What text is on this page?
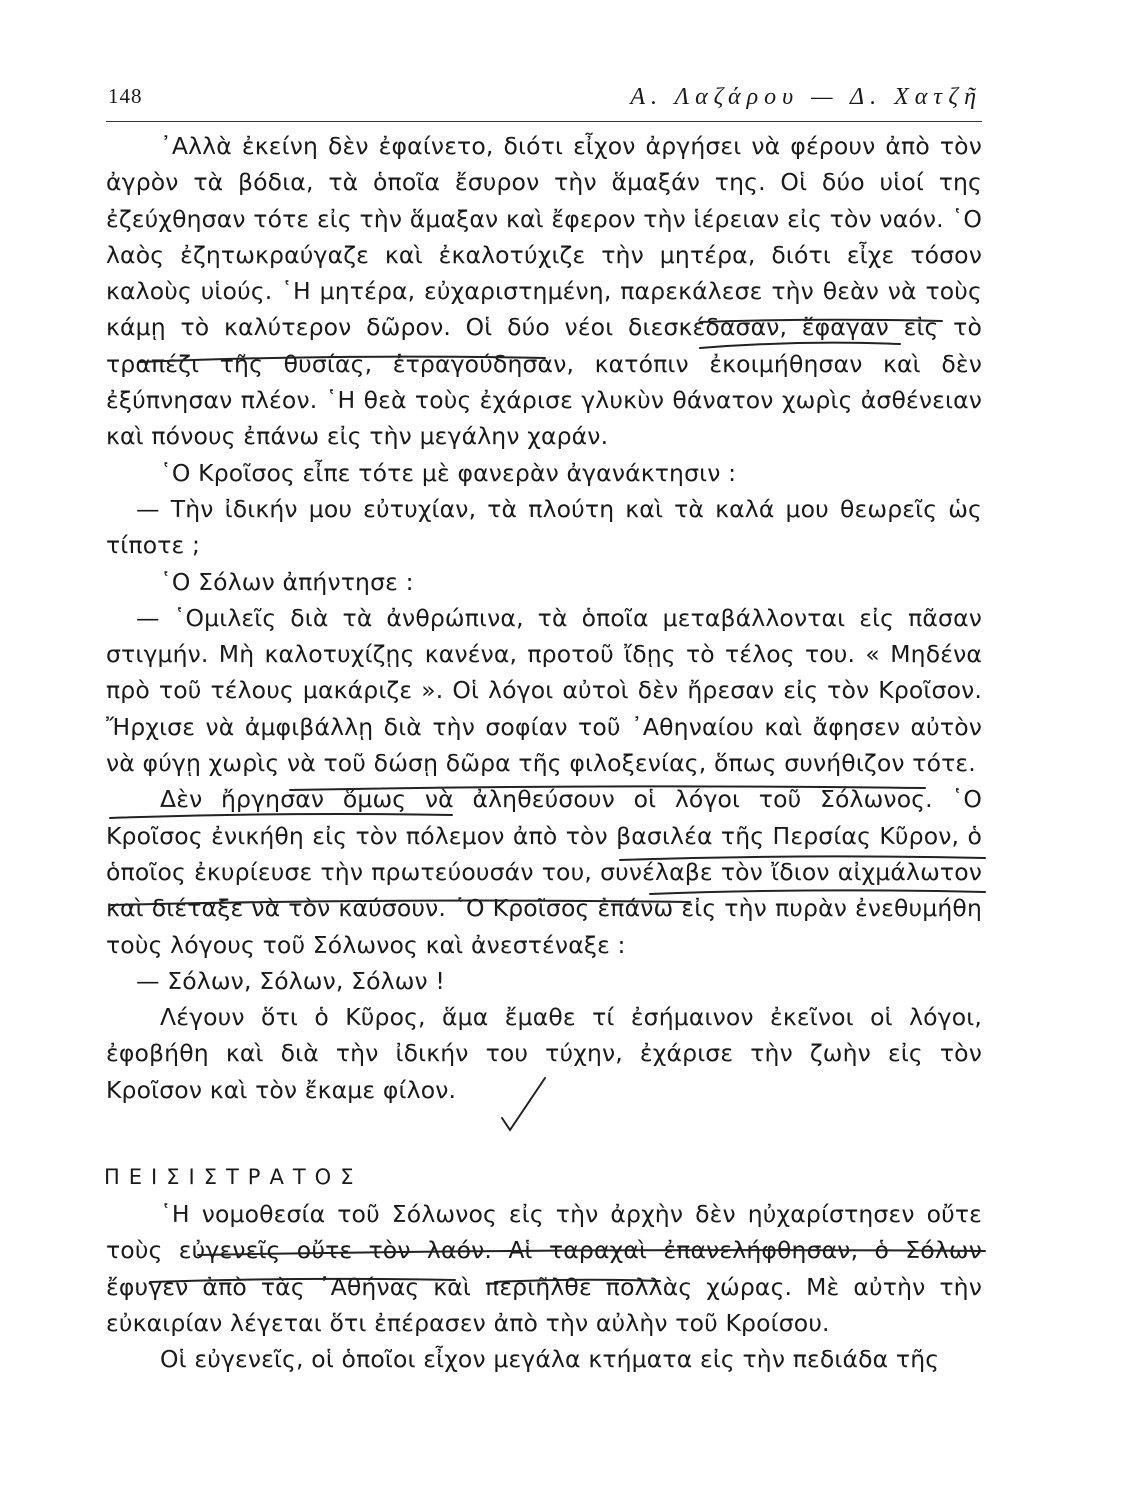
148	Α. Λαζάρου — Δ. Χατζῆ

᾿Αλλὰ ἐκείνη δὲν ἐφαίνετο, διότι εἶχον ἀργήσει νὰ φέρουν ἀπὸ τὸν ἀγρὸν τὰ βόδια, τὰ ὁποῖα ἔσυρον τὴν ἅμαξάν της. Οἱ δύο υἱοί της ἐζεύχθησαν τότε εἰς τὴν ἅμαξαν καὶ ἔφερον τὴν ἱέρειαν εἰς τὸν ναόν. ῾Ο λαὸς ἐζητωκραύγαζε καὶ ἐκαλοτύχιζε τὴν μητέρα, διότι εἶχε τόσον καλοὺς υἱούς. ῾Η μητέρα, εὐχαριστημένη, παρεκάλεσε τὴν θεὰν νὰ τοὺς κάμῃ τὸ καλύτερον δῶρον. Οἱ δύο νέοι διεσκέδασαν, ἔφαγαν εἰς τὸ τραπέζι τῆς θυσίας, ἐτραγούδησαν, κατόπιν ἐκοιμήθησαν καὶ δὲν ἐξύπνησαν πλέον. ῾Η θεὰ τοὺς ἐχάρισε γλυκὺν θάνατον χωρὶς ἀσθένειαν καὶ πόνους ἐπάνω εἰς τὴν μεγάλην χαράν.

῾Ο Κροῖσος εἶπε τότε μὲ φανερὰν ἀγανάκτησιν :

— Τὴν ἰδικήν μου εὐτυχίαν, τὰ πλούτη καὶ τὰ καλά μου θεωρεῖς ὡς τίποτε ;

῾Ο Σόλων ἀπήντησε :

— ῾Ομιλεῖς διὰ τὰ ἀνθρώπινα, τὰ ὁποῖα μεταβάλλονται εἰς πᾶσαν στιγμήν. Μὴ καλοτυχίζῃς κανένα, προτοῦ ἴδῃς τὸ τέλος του. « Μηδένα πρὸ τοῦ τέλους μακάριζε ». Οἱ λόγοι αὐτοὶ δὲν ἤρεσαν εἰς τὸν Κροῖσον. Ἤρχισε νὰ ἀμφιβάλλῃ διὰ τὴν σοφίαν τοῦ ᾿Αθηναίου καὶ ἄφησεν αὐτὸν νὰ φύγῃ χωρὶς νὰ τοῦ δώσῃ δῶρα τῆς φιλοξενίας, ὅπως συνήθιζον τότε.

Δὲν ἤργησαν ὅμως νὰ ἀληθεύσουν οἱ λόγοι τοῦ Σόλωνος. ῾Ο Κροῖσος ἐνικήθη εἰς τὸν πόλεμον ἀπὸ τὸν βασιλέα τῆς Περσίας Κῦρον, ὁ ὁποῖος ἐκυρίευσε τὴν πρωτεύουσάν του, συνέλαβε τὸν ἴδιον αἰχμάλωτον καὶ διέταξε νὰ τὸν καύσουν. ῾Ο Κροῖσος ἐπάνω εἰς τὴν πυρὰν ἐνεθυμήθη τοὺς λόγους τοῦ Σόλωνος καὶ ἀνεστέναξε :

— Σόλων, Σόλων, Σόλων !

Λέγουν ὅτι ὁ Κῦρος, ἅμα ἔμαθε τί ἐσήμαινον ἐκεῖνοι οἱ λόγοι, ἐφοβήθη καὶ διὰ τὴν ἰδικήν του τύχην, ἐχάρισε τὴν ζωὴν εἰς τὸν Κροῖσον καὶ τὸν ἔκαμε φίλον.

ΠΕΙΣΙΣΤΡΑΤΟΣ

῾Η νομοθεσία τοῦ Σόλωνος εἰς τὴν ἀρχὴν δὲν ηὐχαρίστησεν οὔτε τοὺς εὐγενεῖς οὔτε τὸν λαόν. Αἱ ταραχαὶ ἐπανελήφθησαν, ὁ Σόλων ἔφυγεν ἀπὸ τὰς ᾿Αθήνας καὶ περιῆλθε πολλὰς χώρας. Μὲ αὐτὴν τὴν εὐκαιρίαν λέγεται ὅτι ἐπέρασεν ἀπὸ τὴν αὐλὴν τοῦ Κροίσου.

Οἱ εὐγενεῖς, οἱ ὁποῖοι εἶχον μεγάλα κτήματα εἰς τὴν πεδιάδα τῆς
